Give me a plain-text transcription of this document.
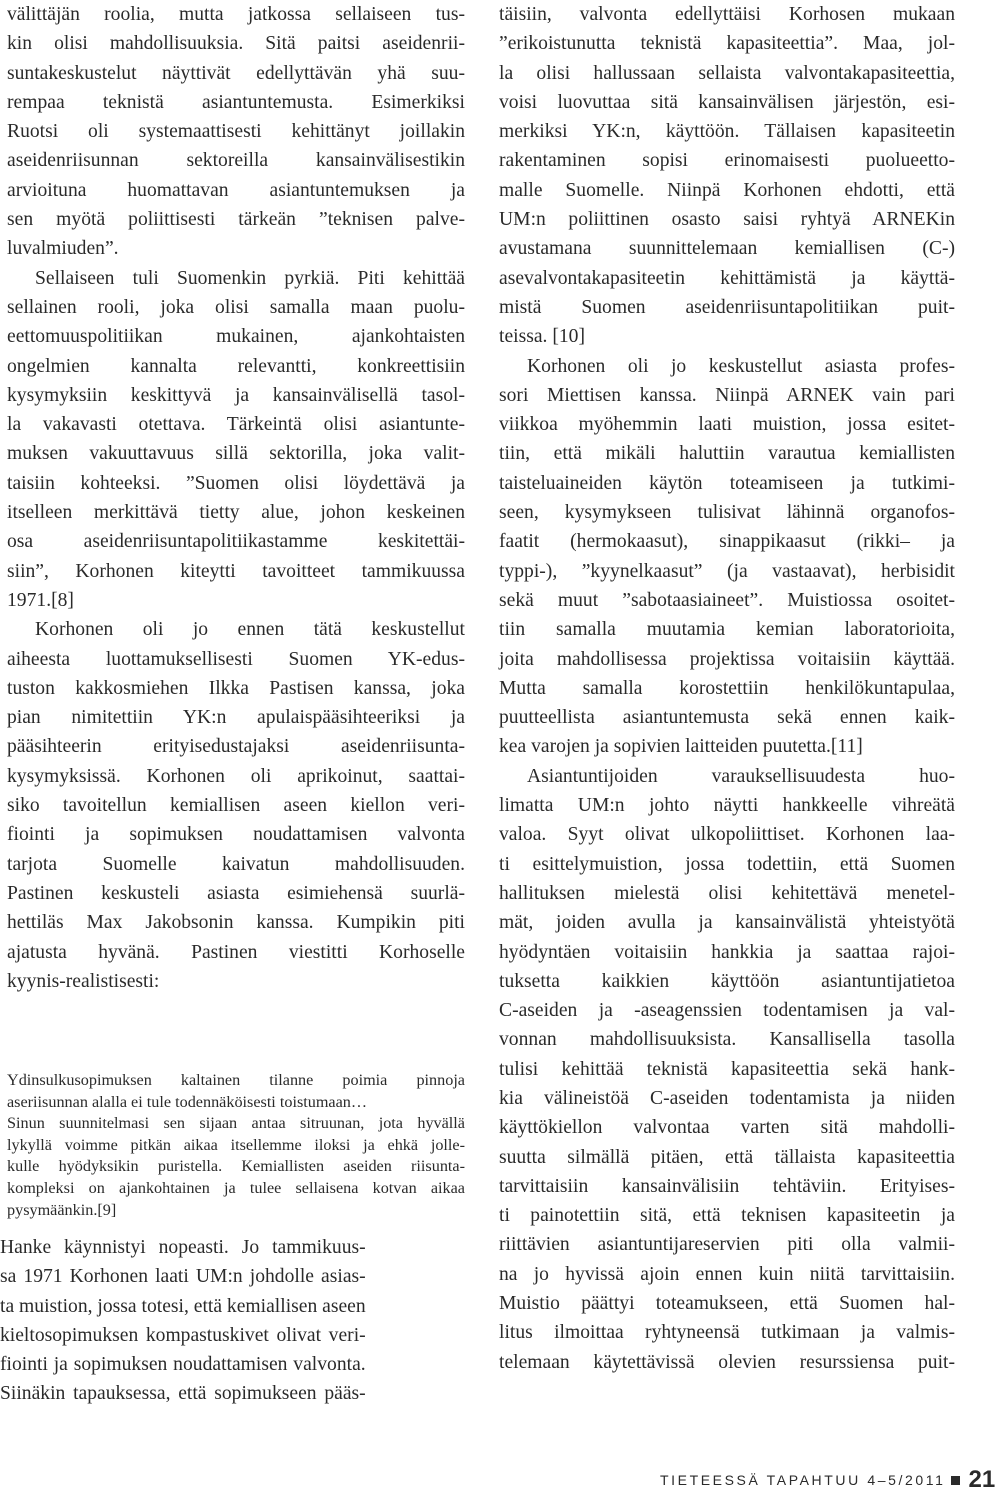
välittäjän roolia, mutta jatkossa sellaiseen tus-
kin olisi mahdollisuuksia. Sitä paitsi aseidenrii-
suntakeskustelut näyttivät edellyttävän yhä suu-
rempaa teknistä asiantuntemusta. Esimerkiksi
Ruotsi oli systemaattisesti kehittänyt joillakin
aseidenriisunnan sektoreilla kansainvälisestikin
arvioituna huomattavan asiantuntemuksen ja
sen myötä poliittisesti tärkeän ”teknisen palve-
luvalmiuden”.
Sellaiseen tuli Suomenkin pyrkiä. Piti kehittää
sellainen rooli, joka olisi samalla maan puolu-
eettomuuspolitiikan mukainen, ajankohtaisten
ongelmien kannalta relevantti, konkreettisiin
kysymyksiin keskittyvä ja kansainvälisellä tasol-
la vakavasti otettava. Tärkeintä olisi asiantunte-
muksen vakuuttavuus sillä sektorilla, joka valit-
taisiin kohteeksi. ”Suomen olisi löydettävä ja
itselleen merkittävä tietty alue, johon keskeinen
osa aseidenriisuntapolitiikastamme keskitettäi-
siin”, Korhonen kiteytti tavoitteet tammikuussa
1971.[8]
Korhonen oli jo ennen tätä keskustellut
aiheesta luottamuksellisesti Suomen YK-edus-
tuston kakkosmiehen Ilkka Pastisen kanssa, joka
pian nimitettiin YK:n apulaispääsihteeriksi ja
pääsihteerin erityisedustajaksi aseidenriisunta-
kysymyksissä. Korhonen oli aprikoinut, saattai-
siko tavoitellun kemiallisen aseen kiellon veri-
fiointi ja sopimuksen noudattamisen valvonta
tarjota Suomelle kaivatun mahdollisuuden.
Pastinen keskusteli asiasta esimiehensä suurlä-
hettiläs Max Jakobsonin kanssa. Kumpikin piti
ajatusta hyvänä. Pastinen viestitti Korhoselle
kyynis-realistisesti:
Ydinsulkusopimuksen kaltainen tilanne poimia pinnoja
aseriisunnan alalla ei tule todennäköisesti toistumaan…
Sinun suunnitelmasi sen sijaan antaa sitruunan, jota hyvällä
lykyllä voimme pitkän aikaa itsellemme iloksi ja ehkä jolle-
kulle hyödyksikin puristella. Kemiallisten aseiden riisunta-
kompleksi on ajankohtainen ja tulee sellaisena kotvan aikaa
pysymäänkin.[9]
Hanke käynnistyi nopeasti. Jo tammikuus-
sa 1971 Korhonen laati UM:n johdolle asias-
ta muistion, jossa totesi, että kemiallisen aseen
kieltosopimuksen kompastuskivet olivat veri-
fiointi ja sopimuksen noudattamisen valvonta.
Siinäkin tapauksessa, että sopimukseen pääs-
täisiin, valvonta edellyttäisi Korhosen mukaan
”erikoistunutta teknistä kapasiteettia”. Maa, jol-
la olisi hallussaan sellaista valvontakapasiteettia,
voisi luovuttaa sitä kansainvälisen järjestön, esi-
merkiksi YK:n, käyttöön. Tällaisen kapasiteetin
rakentaminen sopisi erinomaisesti puolueetto-
malle Suomelle. Niinpä Korhonen ehdotti, että
UM:n poliittinen osasto saisi ryhtyä ARNEKin
avustamana suunnittelemaan kemiallisen (C-)
asevalvontakapasiteetin kehittämistä ja käyttä-
mistä Suomen aseidenriisuntapolitiikan puit-
teissa. [10]
Korhonen oli jo keskustellut asiasta profes-
sori Miettisen kanssa. Niinpä ARNEK vain pari
viikkoa myöhemmin laati muistion, jossa esitet-
tiin, että mikäli haluttiin varautua kemiallisten
taisteluaineiden käytön toteamiseen ja tutkimi-
seen, kysymykseen tulisivat lähinnä organofos-
faatit (hermokaasut), sinappikaasut (rikki– ja
typpi-), ”kyynelkaasut” (ja vastaavat), herbisidit
sekä muut ”sabotaasiaineet”. Muistiossa osoitet-
tiin samalla muutamia kemian laboratorioita,
joita mahdollisessa projektissa voitaisiin käyttää.
Mutta samalla korostettiin henkilökuntapulaa,
puutteellista asiantuntemusta sekä ennen kaik-
kea varojen ja sopivien laitteiden puutetta.[11]
Asiantuntijoiden varauksellisuudesta huo-
limatta UM:n johto näytti hankkeelle vihreätä
valoa. Syyt olivat ulkopoliittiset. Korhonen laa-
ti esittelymuistion, jossa todettiin, että Suomen
hallituksen mielestä olisi kehitettävä menetel-
mät, joiden avulla ja kansainvälistä yhteistyötä
hyödyntäen voitaisiin hankkia ja saattaa rajoi-
tuksetta kaikkien käyttöön asiantuntijatietoa
C-aseiden ja -aseagenssien todentamisen ja val-
vonnan mahdollisuuksista. Kansallisella tasolla
tulisi kehittää teknistä kapasiteettia sekä hank-
kia välineistöä C-aseiden todentamista ja niiden
käyttökiellon valvontaa varten sitä mahdolli-
suutta silmällä pitäen, että tällaista kapasiteettia
tarvittaisiin kansainvälisiin tehtäviin. Erityises-
ti painotettiin sitä, että teknisen kapasiteetin ja
riittävien asiantuntijareservien piti olla valmii-
na jo hyvissä ajoin ennen kuin niitä tarvittaisiin.
Muistio päättyi toteamukseen, että Suomen hal-
litus ilmoittaa ryhtyneensä tutkimaan ja valmis-
telemaan käytettävissä olevien resurssiensa puit-
TIETEESSÄ TAPAHTUU 4–5/2011 21
